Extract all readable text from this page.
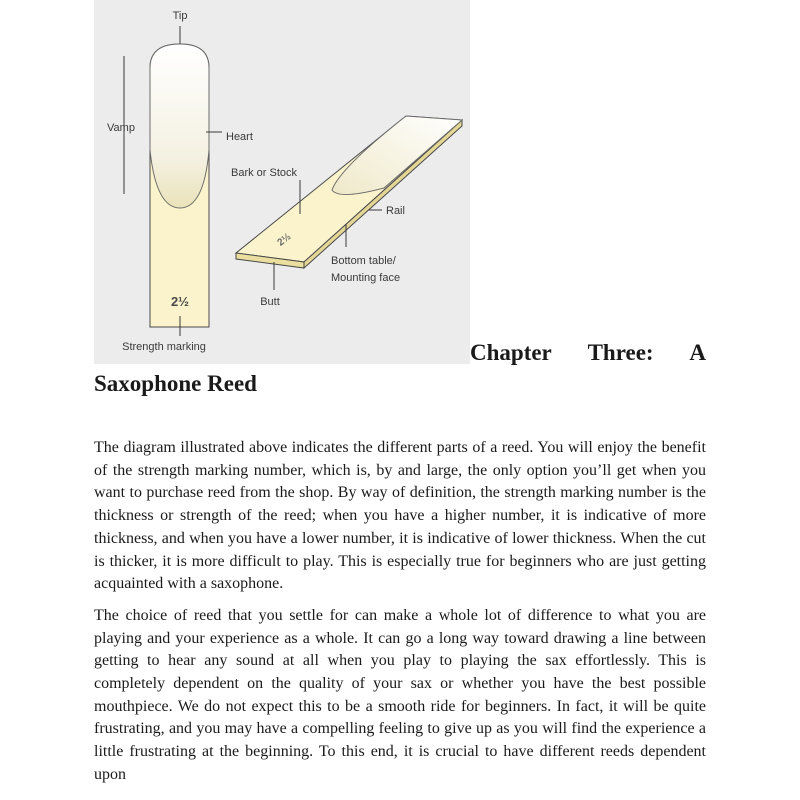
Tip
Vamp
Heart
Bark or Stock
Rail
2½
2½
Bottom table/
Mounting face
Butt
Strength marking	Chapter Three: A
Saxophone Reed

The diagram illustrated above indicates the different parts of a reed. You will enjoy the benefit of the strength marking number, which is, by and large, the only option you’ll get when you want to purchase reed from the shop. By way of definition, the strength marking number is the thickness or strength of the reed; when you have a higher number, it is indicative of more thickness, and when you have a lower number, it is indicative of lower thickness. When the cut is thicker, it is more difficult to play. This is especially true for beginners who are just getting acquainted with a saxophone.

The choice of reed that you settle for can make a whole lot of difference to what you are playing and your experience as a whole. It can go a long way toward drawing a line between getting to hear any sound at all when you play to playing the sax effortlessly. This is completely dependent on the quality of your sax or whether you have the best possible mouthpiece. We do not expect this to be a smooth ride for beginners. In fact, it will be quite frustrating, and you may have a compelling feeling to give up as you will find the experience a little frustrating at the beginning. To this end, it is crucial to have different reeds dependent upon
